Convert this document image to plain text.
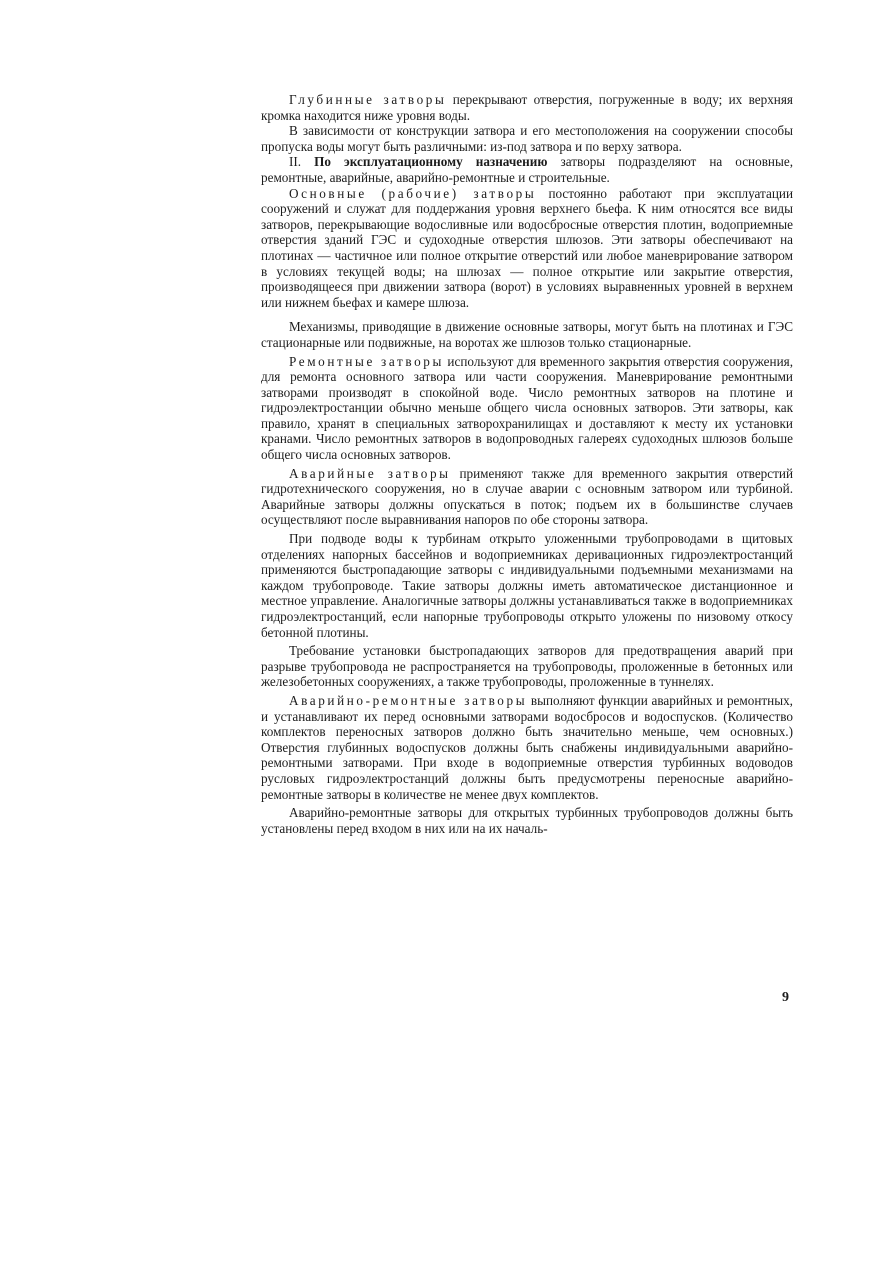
Глубинные затворы перекрывают отверстия, погруженные в воду; их верхняя кромка находится ниже уровня воды.

В зависимости от конструкции затвора и его местоположения на сооружении способы пропуска воды могут быть различными: из-под затвора и по верху затвора.

II. По эксплуатационному назначению затворы подразделяют на основные, ремонтные, аварийные, аварийно-ремонтные и строительные.

Основные (рабочие) затворы постоянно работают при эксплуатации сооружений и служат для поддержания уровня верхнего бьефа. К ним относятся все виды затворов, перекрывающие водосливные или водосбросные отверстия плотин, водоприемные отверстия зданий ГЭС и судоходные отверстия шлюзов. Эти затворы обеспечивают на плотинах — частичное или полное открытие отверстий или любое маневрирование затвором в условиях текущей воды; на шлюзах — полное открытие или закрытие отверстия, производящееся при движении затвора (ворот) в условиях выравненных уровней в верхнем или нижнем бьефах и камере шлюза.

Механизмы, приводящие в движение основные затворы, могут быть на плотинах и ГЭС стационарные или подвижные, на воротах же шлюзов только стационарные.

Ремонтные затворы используют для временного закрытия отверстия сооружения, для ремонта основного затвора или части сооружения. Маневрирование ремонтными затворами производят в спокойной воде. Число ремонтных затворов на плотине и гидроэлектростанции обычно меньше общего числа основных затворов. Эти затворы, как правило, хранят в специальных затворохранилищах и доставляют к месту их установки кранами. Число ремонтных затворов в водопроводных галереях судоходных шлюзов больше общего числа основных затворов.

Аварийные затворы применяют также для временного закрытия отверстий гидротехнического сооружения, но в случае аварии с основным затвором или турбиной. Аварийные затворы должны опускаться в поток; подъем их в большинстве случаев осуществляют после выравнивания напоров по обе стороны затвора.

При подводе воды к турбинам открыто уложенными трубопроводами в щитовых отделениях напорных бассейнов и водоприемниках деривационных гидроэлектростанций применяются быстропадающие затворы с индивидуальными подъемными механизмами на каждом трубопроводе. Такие затворы должны иметь автоматическое дистанционное и местное управление. Аналогичные затворы должны устанавливаться также в водоприемниках гидроэлектростанций, если напорные трубопроводы открыто уложены по низовому откосу бетонной плотины.

Требование установки быстропадающих затворов для предотвращения аварий при разрыве трубопровода не распространяется на трубопроводы, проложенные в бетонных или железобетонных сооружениях, а также трубопроводы, проложенные в туннелях.

Аварийно-ремонтные затворы выполняют функции аварийных и ремонтных, и устанавливают их перед основными затворами водосбросов и водоспусков. (Количество комплектов переносных затворов должно быть значительно меньше, чем основных.) Отверстия глубинных водоспусков должны быть снабжены индивидуальными аварийно-ремонтными затворами. При входе в водоприемные отверстия турбинных водоводов русловых гидроэлектростанций должны быть предусмотрены переносные аварийно-ремонтные затворы в количестве не менее двух комплектов.

Аварийно-ремонтные затворы для открытых турбинных трубопроводов должны быть установлены перед входом в них или на их началь-

9
